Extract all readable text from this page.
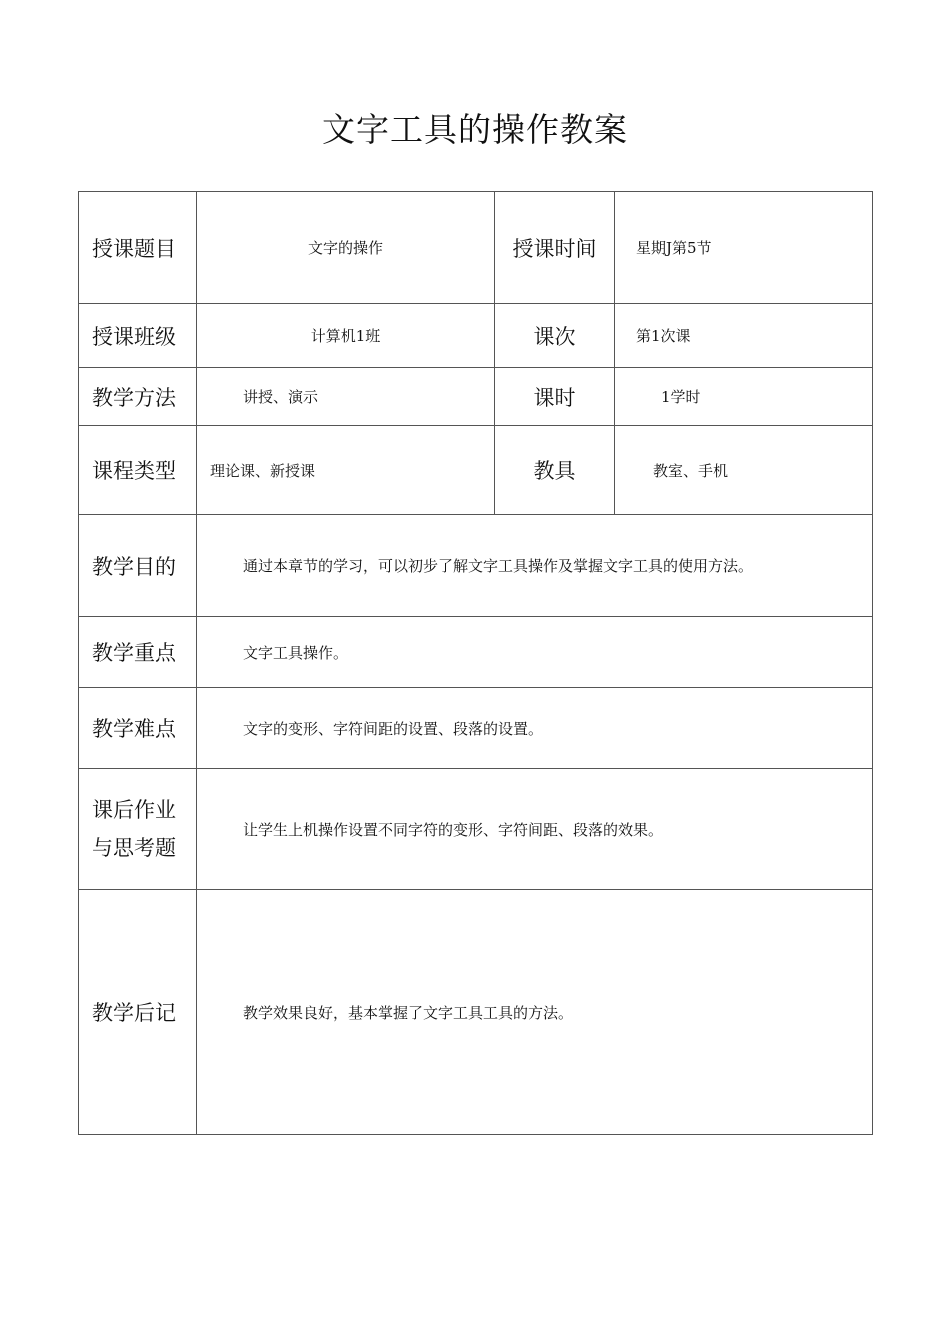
文字工具的操作教案
授课题目	文字的操作	授课时间	星期J第5节
授课班级	计算机1班	课次	第1次课
教学方法	讲授、演示	课时	1学时
课程类型	理论课、新授课	教具	教室、手机
教学目的	通过本章节的学习，可以初步了解文字工具操作及掌握文字工具的使用方法。		
教学重点	文字工具操作。		
教学难点	文字的变形、字符间距的设置、段落的设置。		

课后作业
与思考题	让学生上机操作设置不同字符的变形、字符间距、段落的效果。		
教学后记	教学效果良好，基本掌握了文字工具工具的方法。		
